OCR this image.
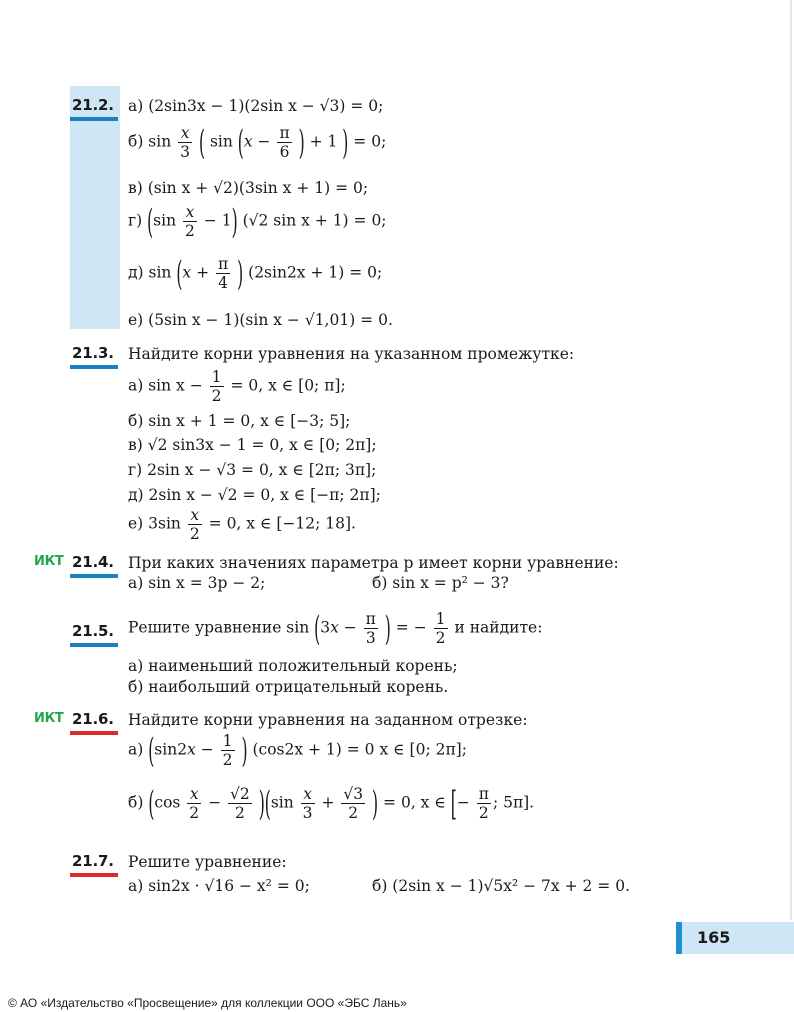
21.2. а) (2sin3x − 1)(2sin x − √3) = 0;
б) $\sin \frac{x}{3}$ ( $\sin (x - \frac{\pi}{6}$ ) + 1 ) = 0;
в) (sin x + √2)(3sin x + 1) = 0;
г) $(\sin \frac{x}{2} - 1)$ (√2 sin x + 1) = 0;
д) $\sin (x + \frac{\pi}{4}$ ) (2sin2x + 1) = 0;
е) (5sin x − 1)(sin x − √1,01) = 0.
21.3. Найдите корни уравнения на указанном промежутке:
а) $\sin x - \frac{1}{2} = 0$, x ∈ [0; π];
б) sin x + 1 = 0, x ∈ [−3; 5];
в) √2 sin3x − 1 = 0, x ∈ [0; 2π];
г) 2sin x − √3 = 0, x ∈ [2π; 3π];
д) 2sin x − √2 = 0, x ∈ [−π; 2π];
е) $3\sin \frac{x}{2} = 0$, x ∈ [−12; 18].
ИКТ 21.4. При каких значениях параметра p имеет корни уравнение:
а) sin x = 3p − 2;	б) sin x = p² − 3?
21.5. Решите уравнение $\sin (3x - \frac{\pi}{3}$ ) = − $\frac{1}{2}$ и найдите:
а) наименьший положительный корень;
б) наибольший отрицательный корень.
ИКТ 21.6. Найдите корни уравнения на заданном отрезке:
а) ($\sin 2x - \frac{1}{2}$ ) (cos2x + 1) = 0 x ∈ [0; 2π];
б) $(\cos \frac{x}{2} - \frac{√2}{2} )(\sin \frac{x}{3} + \frac{√3}{2}$ ) = 0, x ∈ [− $\frac{\pi}{2}$ ; 5π].
21.7. Решите уравнение:
а) sin2x · √16 − x² = 0;	б) (2sin x − 1)√5x² − 7x + 2 = 0.
165
© АО «Издательство «Просвещение» для коллекции ООО «ЭБС Лань»
